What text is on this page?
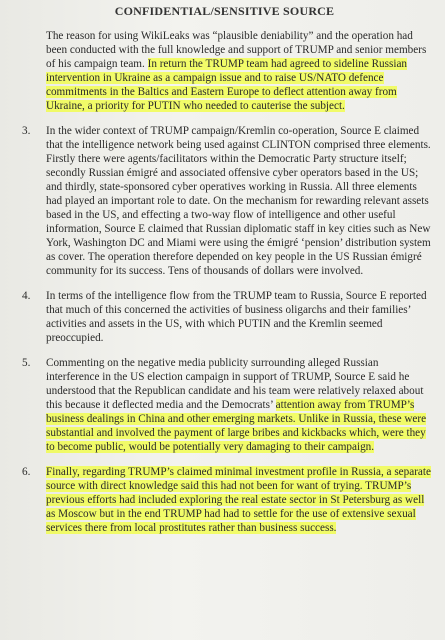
CONFIDENTIAL/SENSITIVE SOURCE
The reason for using WikiLeaks was “plausible deniability” and the operation had been conducted with the full knowledge and support of TRUMP and senior members of his campaign team. In return the TRUMP team had agreed to sideline Russian intervention in Ukraine as a campaign issue and to raise US/NATO defence commitments in the Baltics and Eastern Europe to deflect attention away from Ukraine, a priority for PUTIN who needed to cauterise the subject.
3. In the wider context of TRUMP campaign/Kremlin co-operation, Source E claimed that the intelligence network being used against CLINTON comprised three elements. Firstly there were agents/facilitators within the Democratic Party structure itself; secondly Russian émigré and associated offensive cyber operators based in the US; and thirdly, state-sponsored cyber operatives working in Russia. All three elements had played an important role to date. On the mechanism for rewarding relevant assets based in the US, and effecting a two-way flow of intelligence and other useful information, Source E claimed that Russian diplomatic staff in key cities such as New York, Washington DC and Miami were using the émigré ‘pension’ distribution system as cover. The operation therefore depended on key people in the US Russian émigré community for its success. Tens of thousands of dollars were involved.
4. In terms of the intelligence flow from the TRUMP team to Russia, Source E reported that much of this concerned the activities of business oligarchs and their families’ activities and assets in the US, with which PUTIN and the Kremlin seemed preoccupied.
5. Commenting on the negative media publicity surrounding alleged Russian interference in the US election campaign in support of TRUMP, Source E said he understood that the Republican candidate and his team were relatively relaxed about this because it deflected media and the Democrats’ attention away from TRUMP’s business dealings in China and other emerging markets. Unlike in Russia, these were substantial and involved the payment of large bribes and kickbacks which, were they to become public, would be potentially very damaging to their campaign.
6. Finally, regarding TRUMP’s claimed minimal investment profile in Russia, a separate source with direct knowledge said this had not been for want of trying. TRUMP’s previous efforts had included exploring the real estate sector in St Petersburg as well as Moscow but in the end TRUMP had had to settle for the use of extensive sexual services there from local prostitutes rather than business success.
